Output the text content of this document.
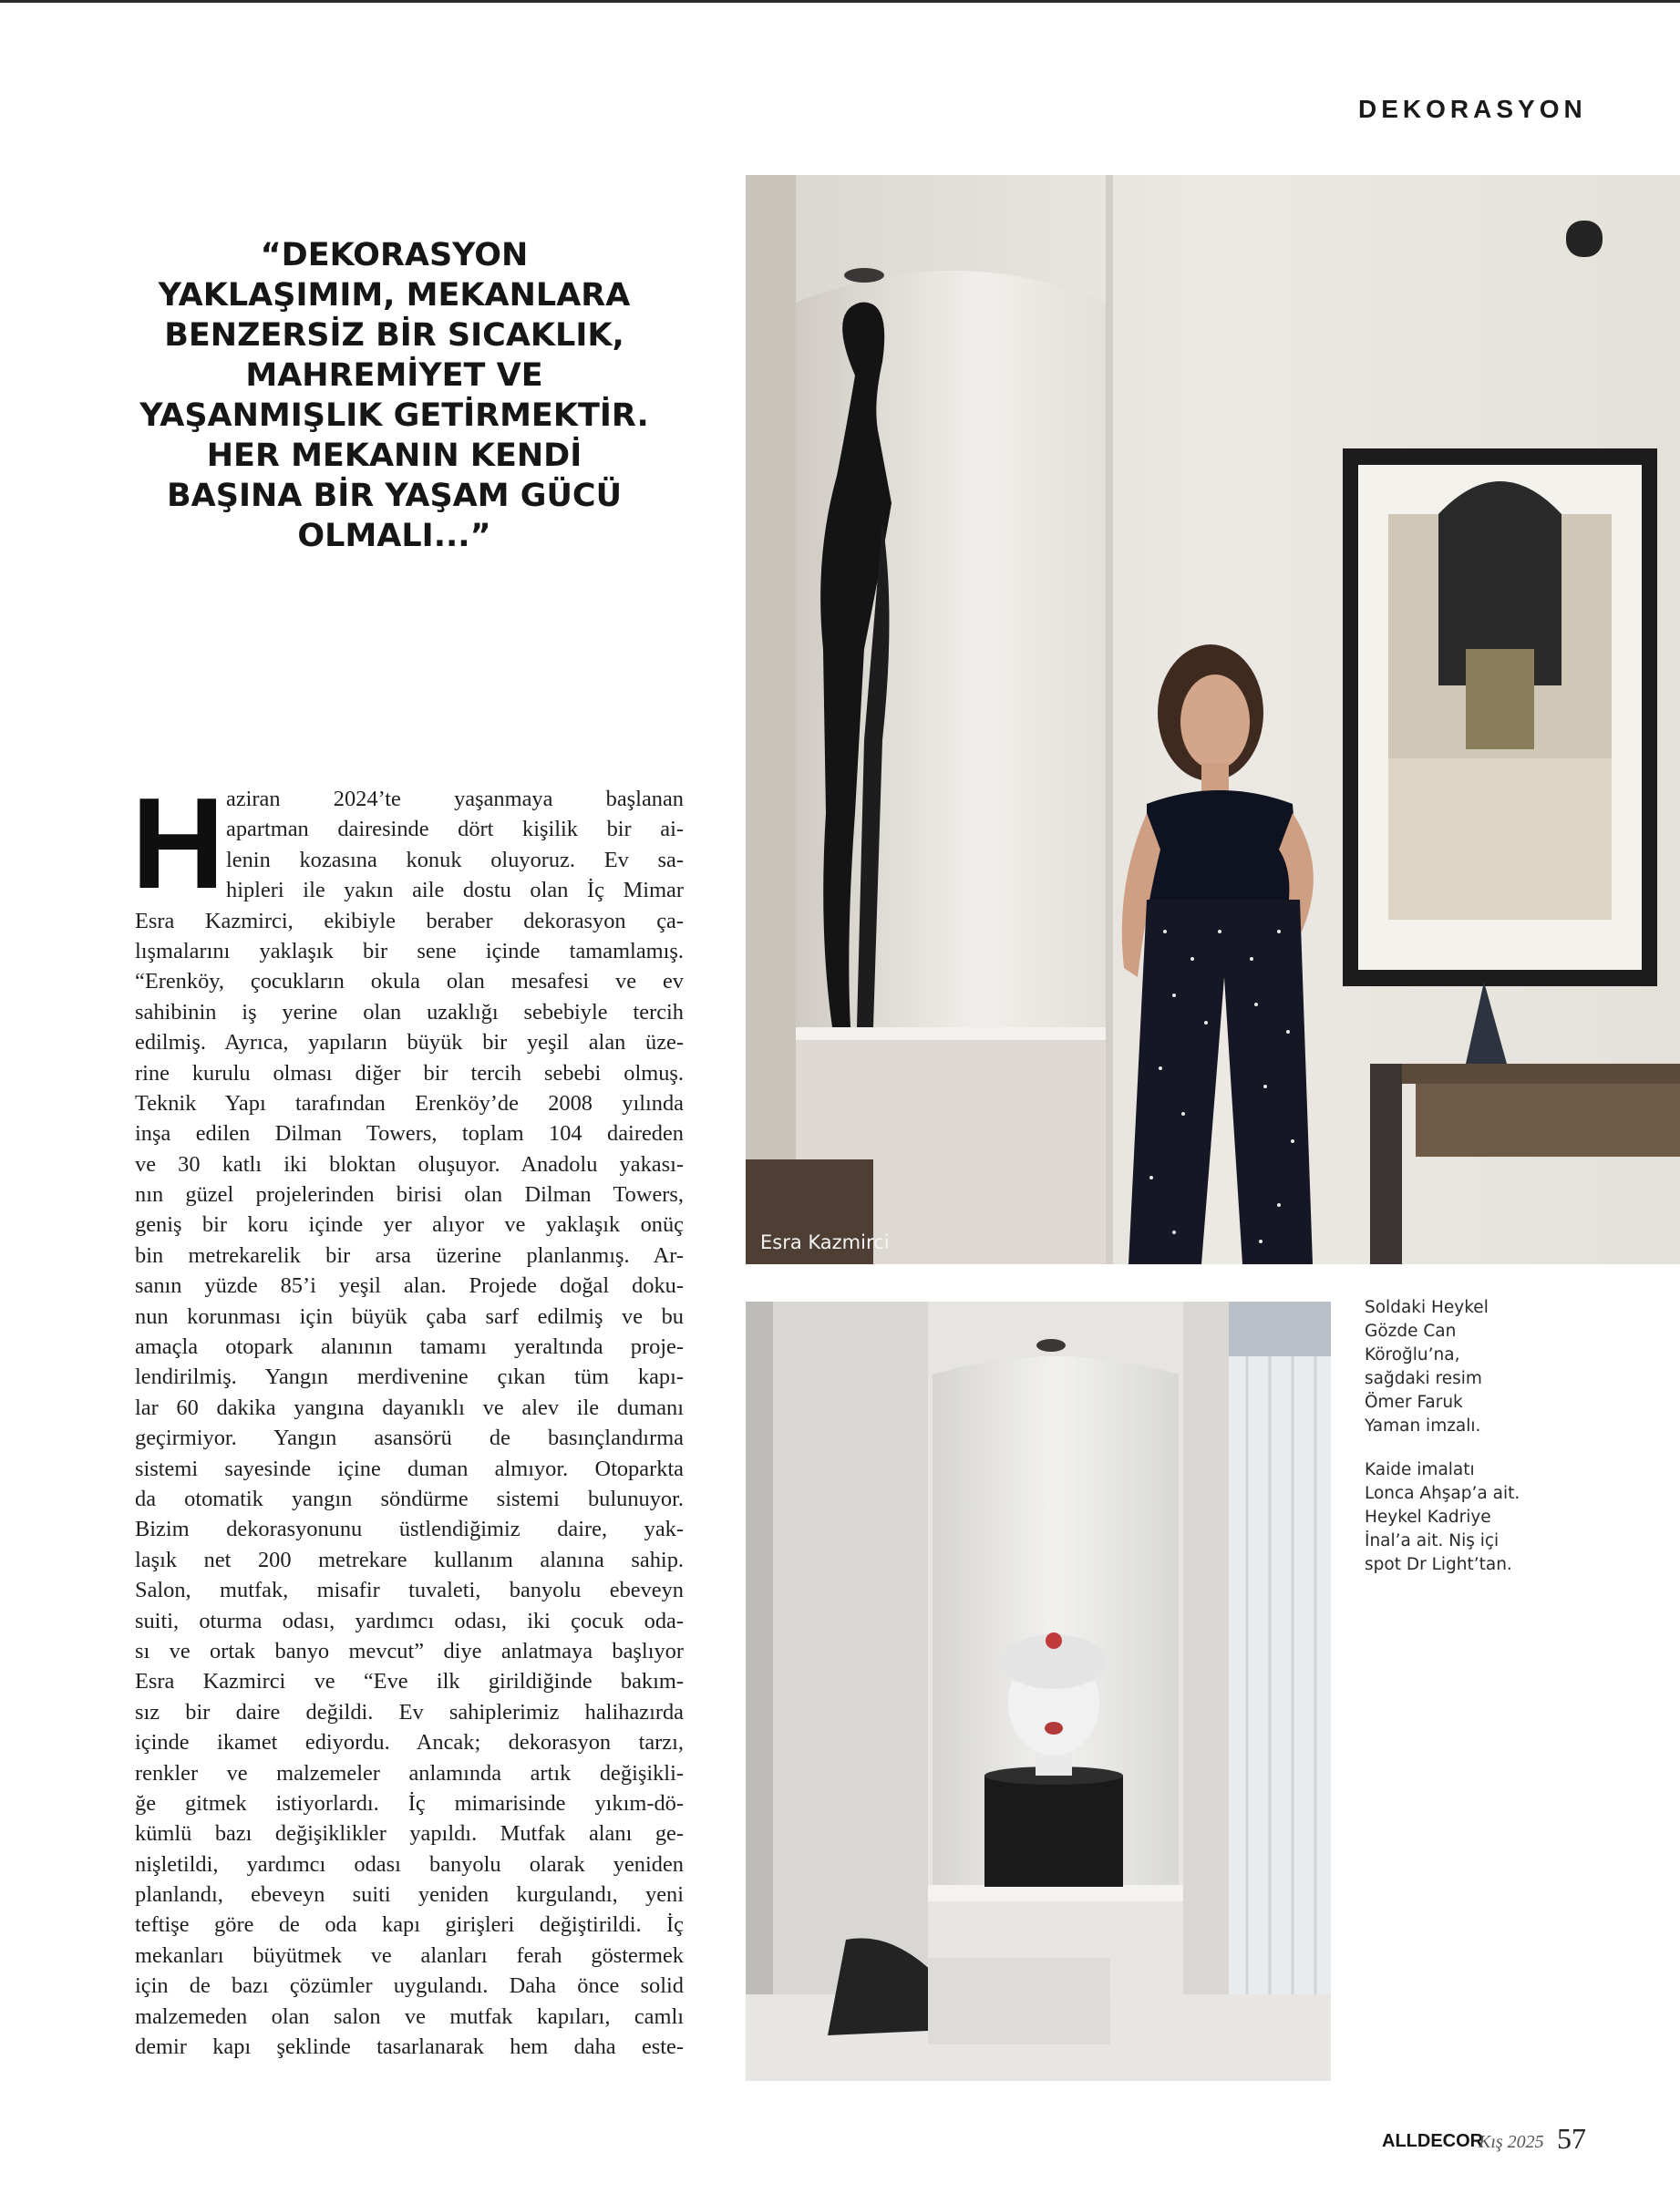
DEKORASYON
“DEKORASYON
YAKLAŞIMIM, MEKANLARA
BENZERSİZ BİR SICAKLIK,
MAHREMİYET VE
YAŞANMIŞLIK GETİRMEKTİR.
HER MEKANIN KENDİ
BAŞINA BİR YAŞAM GÜCÜ
OLMALI...”
H aziran 2024’te yaşanmaya başlanan
apartman dairesinde dört kişilik bir ai-
lenin kozasına konuk oluyoruz. Ev sa-
hipleri ile yakın aile dostu olan İç Mimar
Esra Kazmirci, ekibiyle beraber dekorasyon ça-
lışmalarını yaklaşık bir sene içinde tamamlamış.
“Erenköy, çocukların okula olan mesafesi ve ev
sahibinin iş yerine olan uzaklığı sebebiyle tercih
edilmiş. Ayrıca, yapıların büyük bir yeşil alan üze-
rine kurulu olması diğer bir tercih sebebi olmuş.
Teknik Yapı tarafından Erenköy’de 2008 yılında
inşa edilen Dilman Towers, toplam 104 daireden
ve 30 katlı iki bloktan oluşuyor. Anadolu yakası-
nın güzel projelerinden birisi olan Dilman Towers,
geniş bir koru içinde yer alıyor ve yaklaşık onüç
bin metrekarelik bir arsa üzerine planlanmış. Ar-
sanın yüzde 85’i yeşil alan. Projede doğal doku-
nun korunması için büyük çaba sarf edilmiş ve bu
amaçla otopark alanının tamamı yeraltında proje-
lendirilmiş. Yangın merdivenine çıkan tüm kapı-
lar 60 dakika yangına dayanıklı ve alev ile dumanı
geçirmiyor. Yangın asansörü de basınçlandırma
sistemi sayesinde içine duman almıyor. Otoparkta
da otomatik yangın söndürme sistemi bulunuyor.
Bizim dekorasyonunu üstlendiğimiz daire, yak-
laşık net 200 metrekare kullanım alanına sahip.
Salon, mutfak, misafir tuvaleti, banyolu ebeveyn
suiti, oturma odası, yardımcı odası, iki çocuk oda-
sı ve ortak banyo mevcut” diye anlatmaya başlıyor
Esra Kazmirci ve “Eve ilk girildiğinde bakım-
sız bir daire değildi. Ev sahiplerimiz halihazırda
içinde ikamet ediyordu. Ancak; dekorasyon tarzı,
renkler ve malzemeler anlamında artık değişikli-
ğe gitmek istiyorlardı. İç mimarisinde yıkım-dö-
kümlü bazı değişiklikler yapıldı. Mutfak alanı ge-
nişletildi, yardımcı odası banyolu olarak yeniden
planlandı, ebeveyn suiti yeniden kurgulandı, yeni
teftişe göre de oda kapı girişleri değiştirildi. İç
mekanları büyütmek ve alanları ferah göstermek
için de bazı çözümler uygulandı. Daha önce solid
malzemeden olan salon ve mutfak kapıları, camlı
demir kapı şeklinde tasarlanarak hem daha este-
Esra Kazmirci

Soldaki Heykel
Gözde Can
Köroğlu’na,
sağdaki resim
Ömer Faruk
Yaman imzalı.

Kaide imalatı
Lonca Ahşap’a ait.
Heykel Kadriye
İnal’a ait. Niş içi
spot Dr Light’tan.

ALLDECOR
Kış 2025 57
